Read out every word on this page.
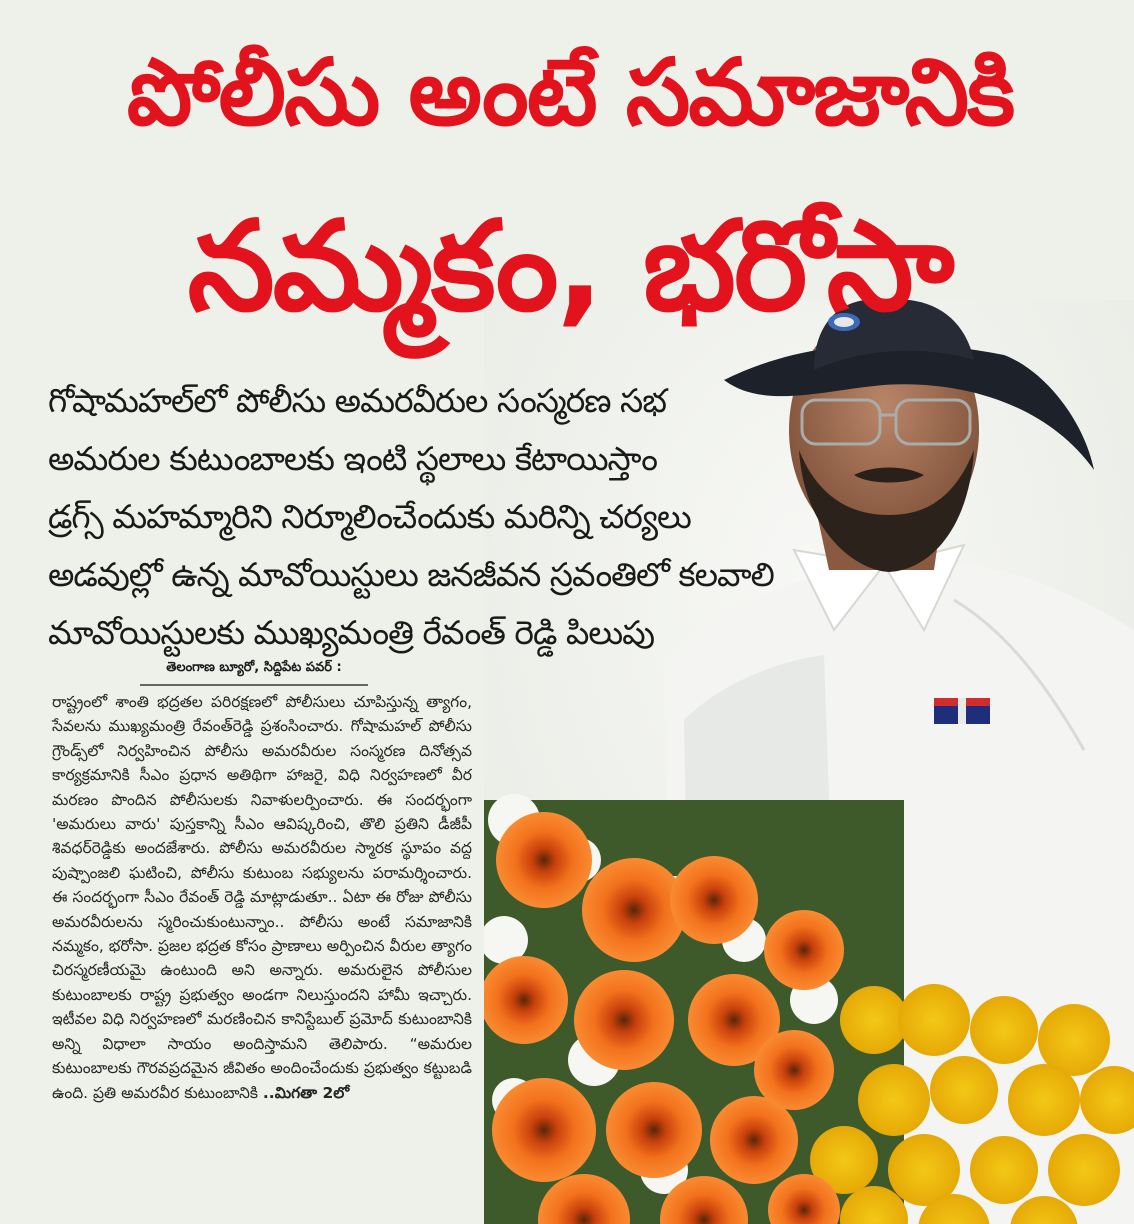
పోలీసు అంటే సమాజానికి
నమ్మకం, భరోసా
గోషామహల్‌లో పోలీసు అమరవీరుల సంస్మరణ సభ
అమరుల కుటుంబాలకు ఇంటి స్థలాలు కేటాయిస్తాం
డ్రగ్స్ మహమ్మారిని నిర్మూలించేందుకు మరిన్ని చర్యలు
అడవుల్లో ఉన్న మావోయిస్టులు జనజీవన స్రవంతిలో కలవాలి
మావోయిస్టులకు ముఖ్యమంత్రి రేవంత్ రెడ్డి పిలుపు
తెలంగాణ బ్యూరో, సిద్దిపేట పవర్ :
రాష్ట్రంలో శాంతి భద్రతల పరిరక్షణలో పోలీసులు చూపిస్తున్న త్యాగం, సేవలను ముఖ్యమంత్రి రేవంత్‌రెడ్డి ప్రశంసించారు. గోషామహల్ పోలీసు గ్రౌండ్స్‌లో నిర్వహించిన పోలీసు అమరవీరుల సంస్మరణ దినోత్సవ కార్యక్రమానికి సీఎం ప్రధాన అతిథిగా హాజరై, విధి నిర్వహణలో వీర మరణం పొందిన పోలీసులకు నివాళులర్పించారు. ఈ సందర్భంగా 'అమరులు వారు' పుస్తకాన్ని సీఎం ఆవిష్కరించి, తొలి ప్రతిని డీజీపీ శివధర్‌రెడ్డికు అందజేశారు. పోలీసు అమరవీరుల స్మారక స్థూపం వద్ద పుష్పాంజలి ఘటించి, పోలీసు కుటుంబ సభ్యులను పరామర్శించారు. ఈ సందర్భంగా సీఎం రేవంత్ రెడ్డి మాట్లాడుతూ.. ఏటా ఈ రోజు పోలీసు అమరవీరులను స్మరించుకుంటున్నాం.. పోలీసు అంటే సమాజానికి నమ్మకం, భరోసా. ప్రజల భద్రత కోసం ప్రాణాలు అర్పించిన వీరుల త్యాగం చిరస్మరణీయమై ఉంటుంది అని అన్నారు. అమరులైన పోలీసుల కుటుంబాలకు రాష్ట్ర ప్రభుత్వం అండగా నిలుస్తుందని హామీ ఇచ్చారు. ఇటీవల విధి నిర్వహణలో మరణించిన కానిస్టేబుల్ ప్రమోద్ కుటుంబానికి అన్ని విధాలా సాయం అందిస్తామని తెలిపారు. “అమరుల కుటుంబాలకు గౌరవప్రదమైన జీవితం అందించేందుకు ప్రభుత్వం కట్టుబడి ఉంది. ప్రతి అమరవీర కుటుంబానికి ..మిగతా 2లో
